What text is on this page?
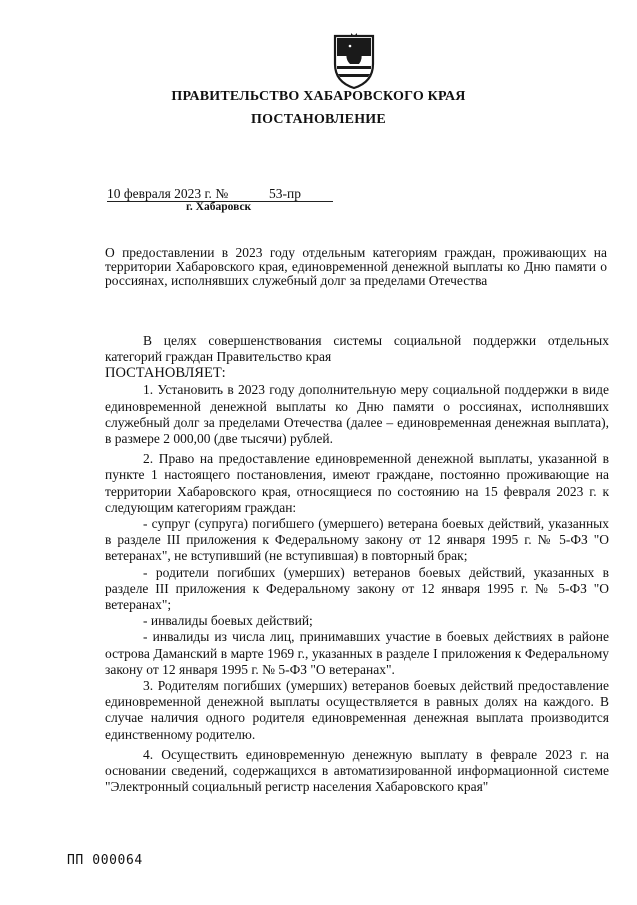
ПРАВИТЕЛЬСТВО ХАБАРОВСКОГО КРАЯ
ПОСТАНОВЛЕНИЕ
10 февраля 2023 г. №	53-пр
г. Хабаровск
О предоставлении в 2023 году отдельным категориям граждан, проживающих на территории Хабаровского края, единовременной денежной выплаты ко Дню памяти о россиянах, исполнявших служебный долг за пределами Отечества

В целях совершенствования системы социальной поддержки отдельных категорий граждан Правительство края

ПОСТАНОВЛЯЕТ:

1. Установить в 2023 году дополнительную меру социальной поддержки в виде единовременной денежной выплаты ко Дню памяти о россиянах, исполнявших служебный долг за пределами Отечества (далее – единовременная денежная выплата), в размере 2 000,00 (две тысячи) рублей.

2. Право на предоставление единовременной денежной выплаты, указанной в пункте 1 настоящего постановления, имеют граждане, постоянно проживающие на территории Хабаровского края, относящиеся по состоянию на 15 февраля 2023 г. к следующим категориям граждан:

- супруг (супруга) погибшего (умершего) ветерана боевых действий, указанных в разделе III приложения к Федеральному закону от 12 января 1995 г. № 5-ФЗ "О ветеранах", не вступивший (не вступившая) в повторный брак;

- родители погибших (умерших) ветеранов боевых действий, указанных в разделе III приложения к Федеральному закону от 12 января 1995 г. № 5-ФЗ "О ветеранах";

- инвалиды боевых действий;

- инвалиды из числа лиц, принимавших участие в боевых действиях в районе острова Даманский в марте 1969 г., указанных в разделе I приложения к Федеральному закону от 12 января 1995 г. № 5-ФЗ "О ветеранах".

3. Родителям погибших (умерших) ветеранов боевых действий предоставление единовременной денежной выплаты осуществляется в равных долях на каждого. В случае наличия одного родителя единовременная денежная выплата производится единственному родителю.

4. Осуществить единовременную денежную выплату в феврале 2023 г. на основании сведений, содержащихся в автоматизированной информационной системе "Электронный социальный регистр населения Хабаровского края"

ПП 000064
